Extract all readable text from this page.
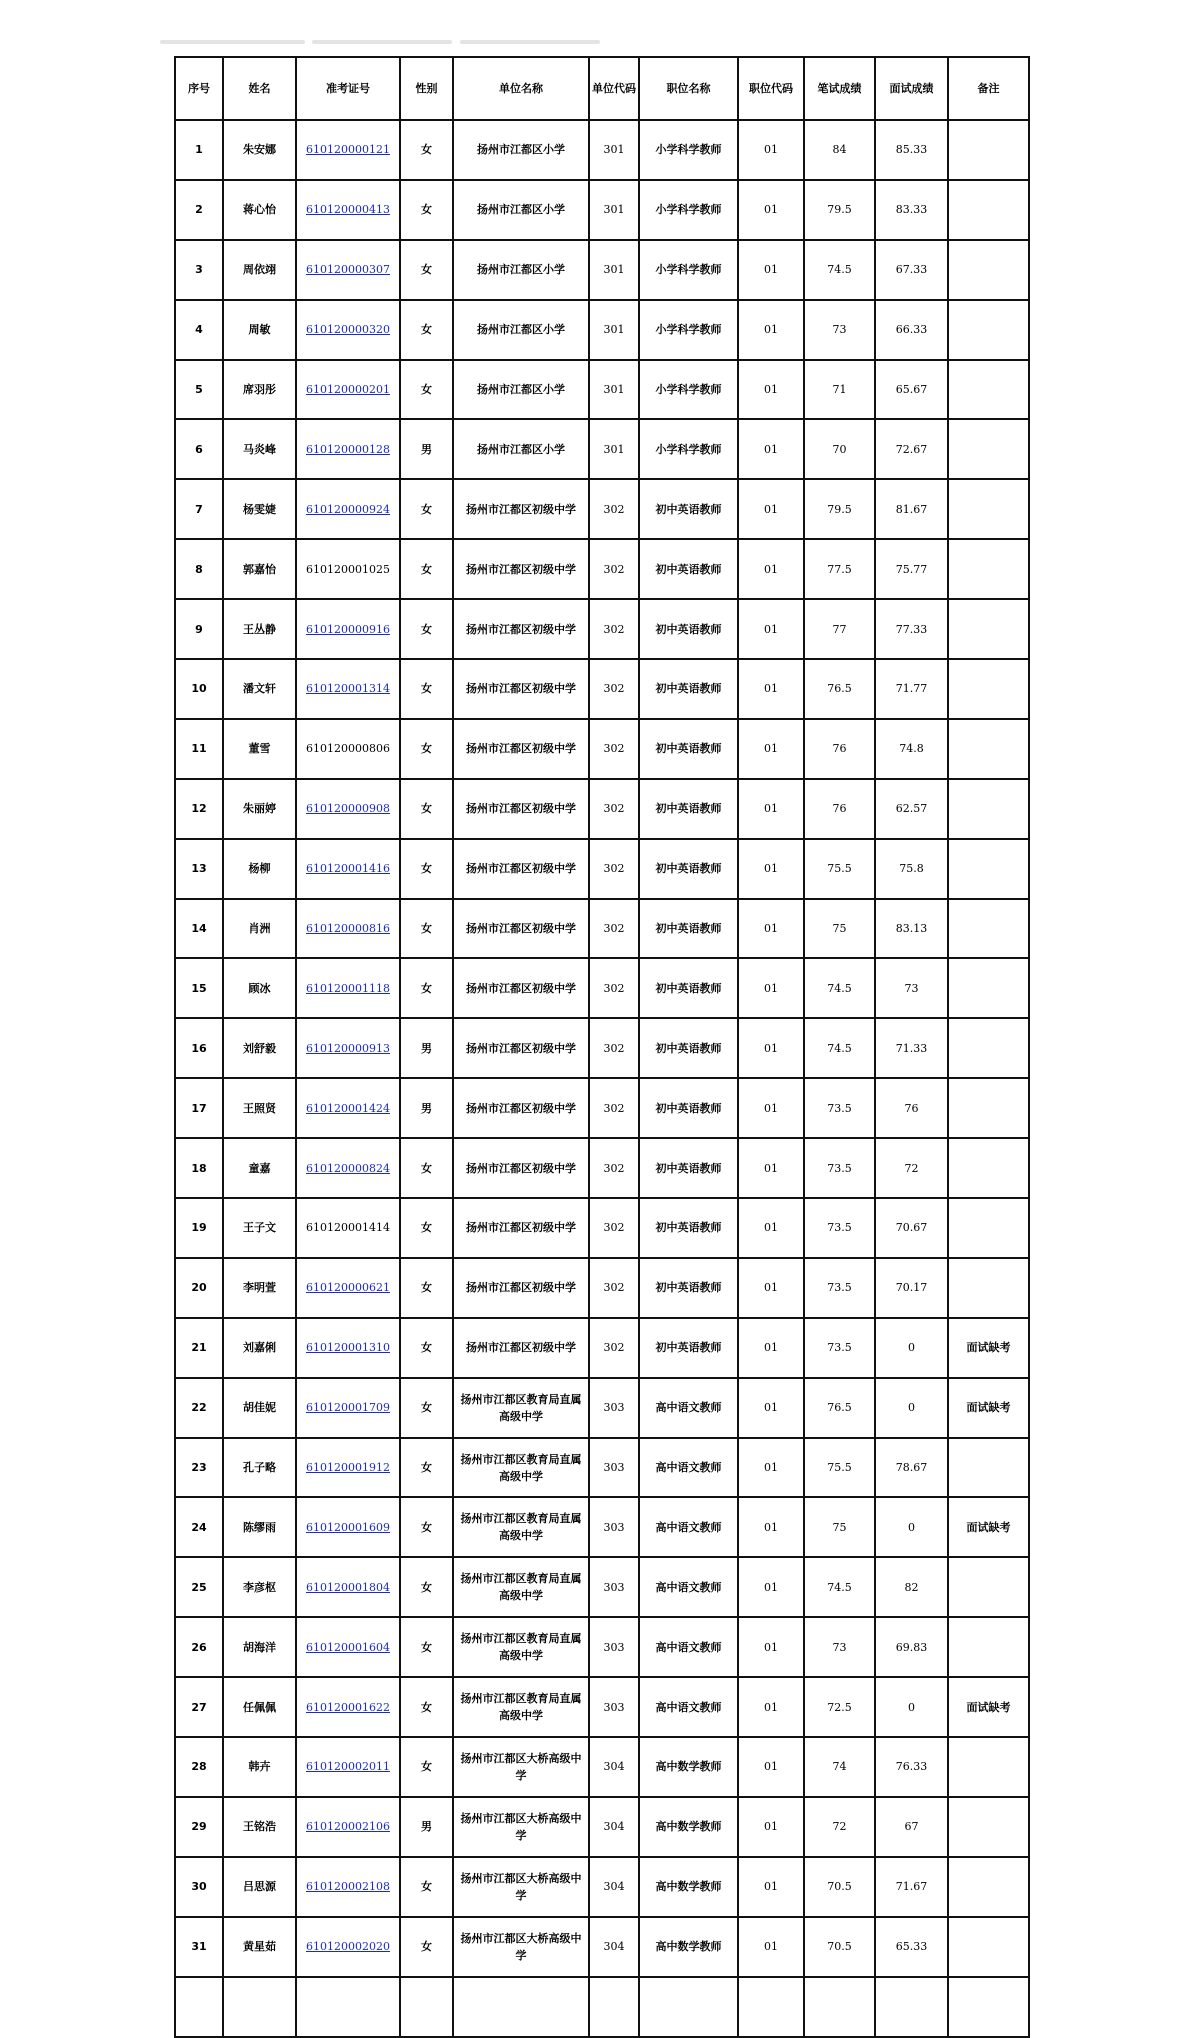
序号	姓名	准考证号	性别	单位名称	单位代码	职位名称	职位代码	笔试成绩	面试成绩	备注
1	朱安娜	610120000121	女	扬州市江都区小学	301	小学科学教师	01	84	85.33	
2	蒋心怡	610120000413	女	扬州市江都区小学	301	小学科学教师	01	79.5	83.33	
3	周依翊	610120000307	女	扬州市江都区小学	301	小学科学教师	01	74.5	67.33	
4	周敏	610120000320	女	扬州市江都区小学	301	小学科学教师	01	73	66.33	
5	席羽彤	610120000201	女	扬州市江都区小学	301	小学科学教师	01	71	65.67	
6	马炎峰	610120000128	男	扬州市江都区小学	301	小学科学教师	01	70	72.67	
7	杨雯婕	610120000924	女	扬州市江都区初级中学	302	初中英语教师	01	79.5	81.67	
8	郭嘉怡	610120001025	女	扬州市江都区初级中学	302	初中英语教师	01	77.5	75.77	
9	王丛静	610120000916	女	扬州市江都区初级中学	302	初中英语教师	01	77	77.33	
10	潘文轩	610120001314	女	扬州市江都区初级中学	302	初中英语教师	01	76.5	71.77	
11	董雪	610120000806	女	扬州市江都区初级中学	302	初中英语教师	01	76	74.8	
12	朱丽婷	610120000908	女	扬州市江都区初级中学	302	初中英语教师	01	76	62.57	
13	杨柳	610120001416	女	扬州市江都区初级中学	302	初中英语教师	01	75.5	75.8	
14	肖洲	610120000816	女	扬州市江都区初级中学	302	初中英语教师	01	75	83.13	
15	顾冰	610120001118	女	扬州市江都区初级中学	302	初中英语教师	01	74.5	73	
16	刘舒毅	610120000913	男	扬州市江都区初级中学	302	初中英语教师	01	74.5	71.33	
17	王照贤	610120001424	男	扬州市江都区初级中学	302	初中英语教师	01	73.5	76	
18	童嘉	610120000824	女	扬州市江都区初级中学	302	初中英语教师	01	73.5	72	
19	王子文	610120001414	女	扬州市江都区初级中学	302	初中英语教师	01	73.5	70.67	
20	李明萱	610120000621	女	扬州市江都区初级中学	302	初中英语教师	01	73.5	70.17	
21	刘嘉俐	610120001310	女	扬州市江都区初级中学	302	初中英语教师	01	73.5	0	面试缺考
22	胡佳妮	610120001709	女	扬州市江都区教育局直属高级中学	303	高中语文教师	01	76.5	0	面试缺考
23	孔子略	610120001912	女	扬州市江都区教育局直属高级中学	303	高中语文教师	01	75.5	78.67	
24	陈缪雨	610120001609	女	扬州市江都区教育局直属高级中学	303	高中语文教师	01	75	0	面试缺考
25	李彦枢	610120001804	女	扬州市江都区教育局直属高级中学	303	高中语文教师	01	74.5	82	
26	胡海洋	610120001604	女	扬州市江都区教育局直属高级中学	303	高中语文教师	01	73	69.83	
27	任佩佩	610120001622	女	扬州市江都区教育局直属高级中学	303	高中语文教师	01	72.5	0	面试缺考
28	韩卉	610120002011	女	扬州市江都区大桥高级中学	304	高中数学教师	01	74	76.33	
29	王铭浩	610120002106	男	扬州市江都区大桥高级中学	304	高中数学教师	01	72	67	
30	吕思源	610120002108	女	扬州市江都区大桥高级中学	304	高中数学教师	01	70.5	71.67	
31	黄星茹	610120002020	女	扬州市江都区大桥高级中学	304	高中数学教师	01	70.5	65.33	
